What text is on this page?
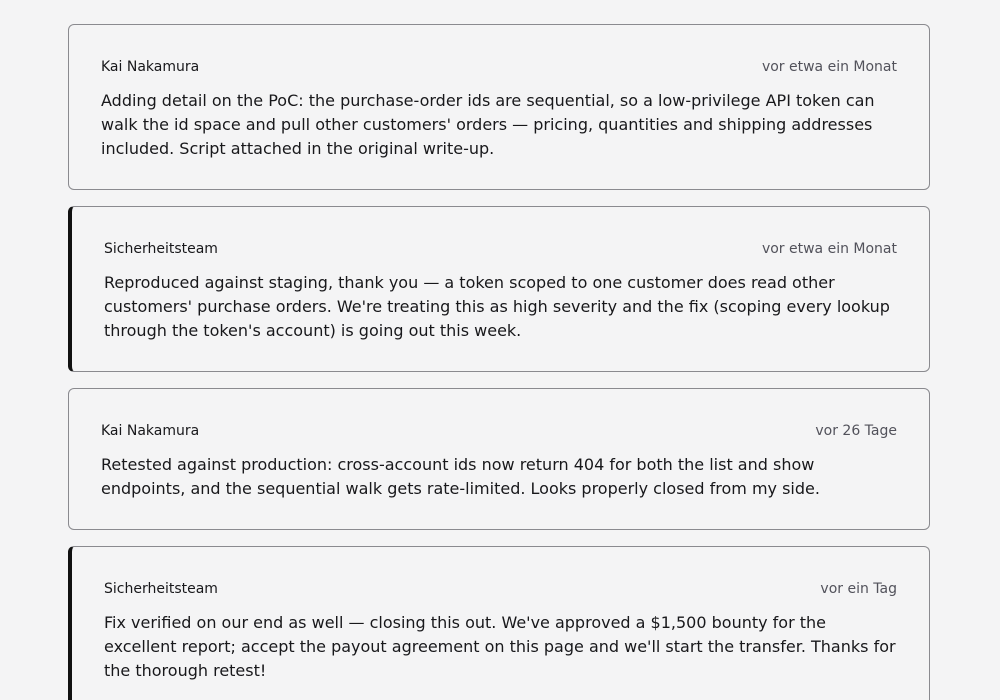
Kai Nakamura	vor etwa ein Monat

Adding detail on the PoC: the purchase-order ids are sequential, so a low-privilege API token can walk the id space and pull other customers' orders — pricing, quantities and shipping addresses included. Script attached in the original write-up.

Sicherheitsteam	vor etwa ein Monat

Reproduced against staging, thank you — a token scoped to one customer does read other customers' purchase orders. We're treating this as high severity and the fix (scoping every lookup through the token's account) is going out this week.

Kai Nakamura	vor 26 Tage

Retested against production: cross-account ids now return 404 for both the list and show endpoints, and the sequential walk gets rate-limited. Looks properly closed from my side.

Sicherheitsteam	vor ein Tag

Fix verified on our end as well — closing this out. We've approved a $1,500 bounty for the excellent report; accept the payout agreement on this page and we'll start the transfer. Thanks for the thorough retest!
